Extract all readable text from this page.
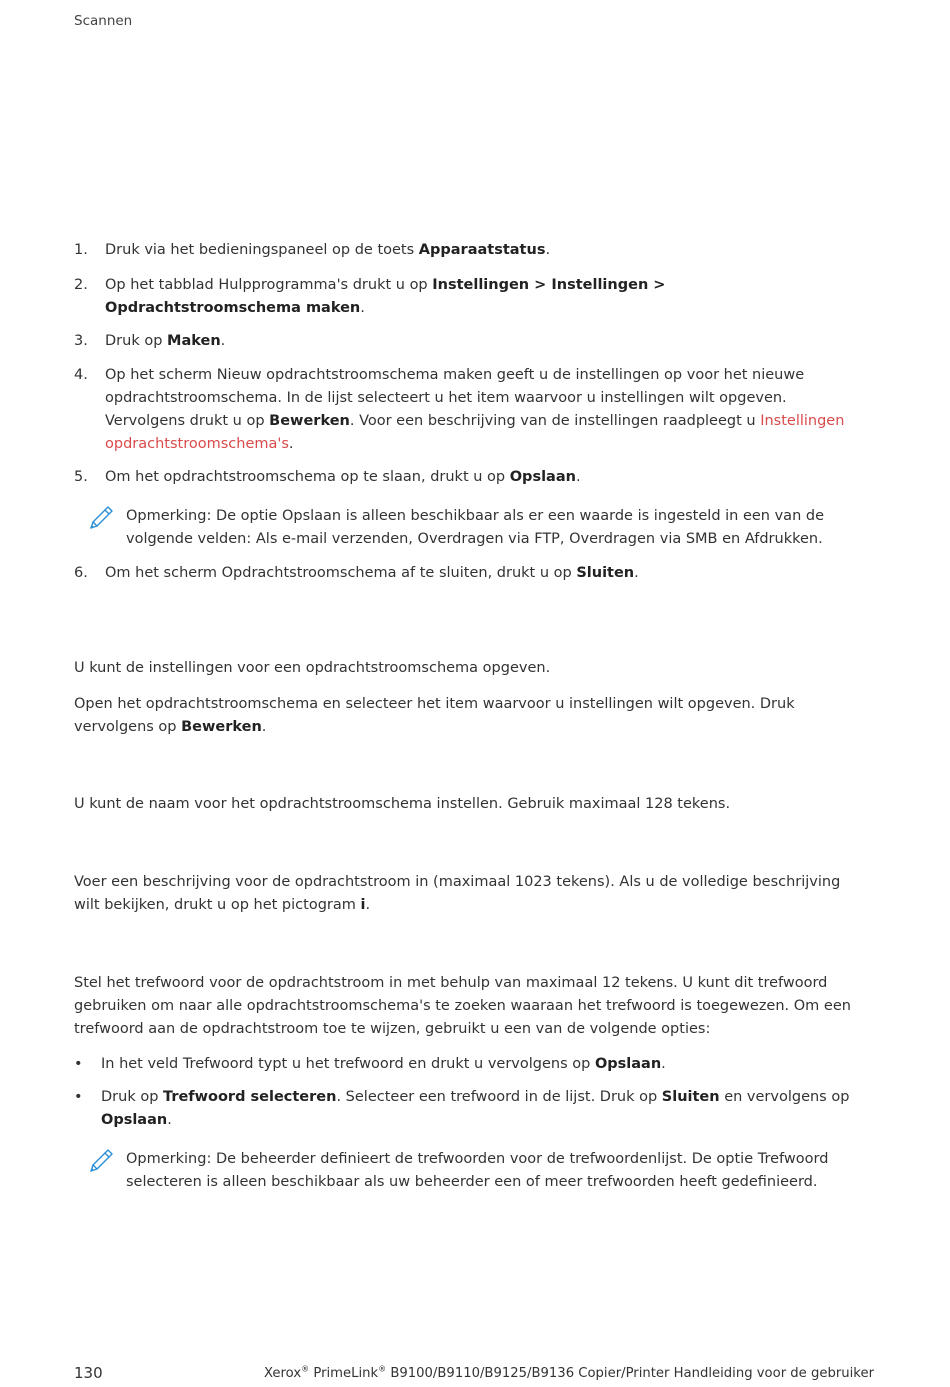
Scannen
1.	Druk via het bedieningspaneel op de toets Apparaatstatus.
2.	Op het tabblad Hulpprogramma's drukt u op Instellingen > Instellingen > Opdrachtstroomschema maken.
3.	Druk op Maken.
4.	Op het scherm Nieuw opdrachtstroomschema maken geeft u de instellingen op voor het nieuwe opdrachtstroomschema. In de lijst selecteert u het item waarvoor u instellingen wilt opgeven. Vervolgens drukt u op Bewerken. Voor een beschrijving van de instellingen raadpleegt u Instellingen opdrachtstroomschema's.
5.	Om het opdrachtstroomschema op te slaan, drukt u op Opslaan.
Opmerking: De optie Opslaan is alleen beschikbaar als er een waarde is ingesteld in een van de volgende velden: Als e-mail verzenden, Overdragen via FTP, Overdragen via SMB en Afdrukken.
6.	Om het scherm Opdrachtstroomschema af te sluiten, drukt u op Sluiten.
U kunt de instellingen voor een opdrachtstroomschema opgeven.
Open het opdrachtstroomschema en selecteer het item waarvoor u instellingen wilt opgeven. Druk vervolgens op Bewerken.
U kunt de naam voor het opdrachtstroomschema instellen. Gebruik maximaal 128 tekens.
Voer een beschrijving voor de opdrachtstroom in (maximaal 1023 tekens). Als u de volledige beschrijving wilt bekijken, drukt u op het pictogram i.
Stel het trefwoord voor de opdrachtstroom in met behulp van maximaal 12 tekens. U kunt dit trefwoord gebruiken om naar alle opdrachtstroomschema's te zoeken waaraan het trefwoord is toegewezen. Om een trefwoord aan de opdrachtstroom toe te wijzen, gebruikt u een van de volgende opties:
•	In het veld Trefwoord typt u het trefwoord en drukt u vervolgens op Opslaan.
•	Druk op Trefwoord selecteren. Selecteer een trefwoord in de lijst. Druk op Sluiten en vervolgens op Opslaan.
Opmerking: De beheerder definieert de trefwoorden voor de trefwoordenlijst. De optie Trefwoord selecteren is alleen beschikbaar als uw beheerder een of meer trefwoorden heeft gedefinieerd.
130	Xerox® PrimeLink® B9100/B9110/B9125/B9136 Copier/Printer Handleiding voor de gebruiker
